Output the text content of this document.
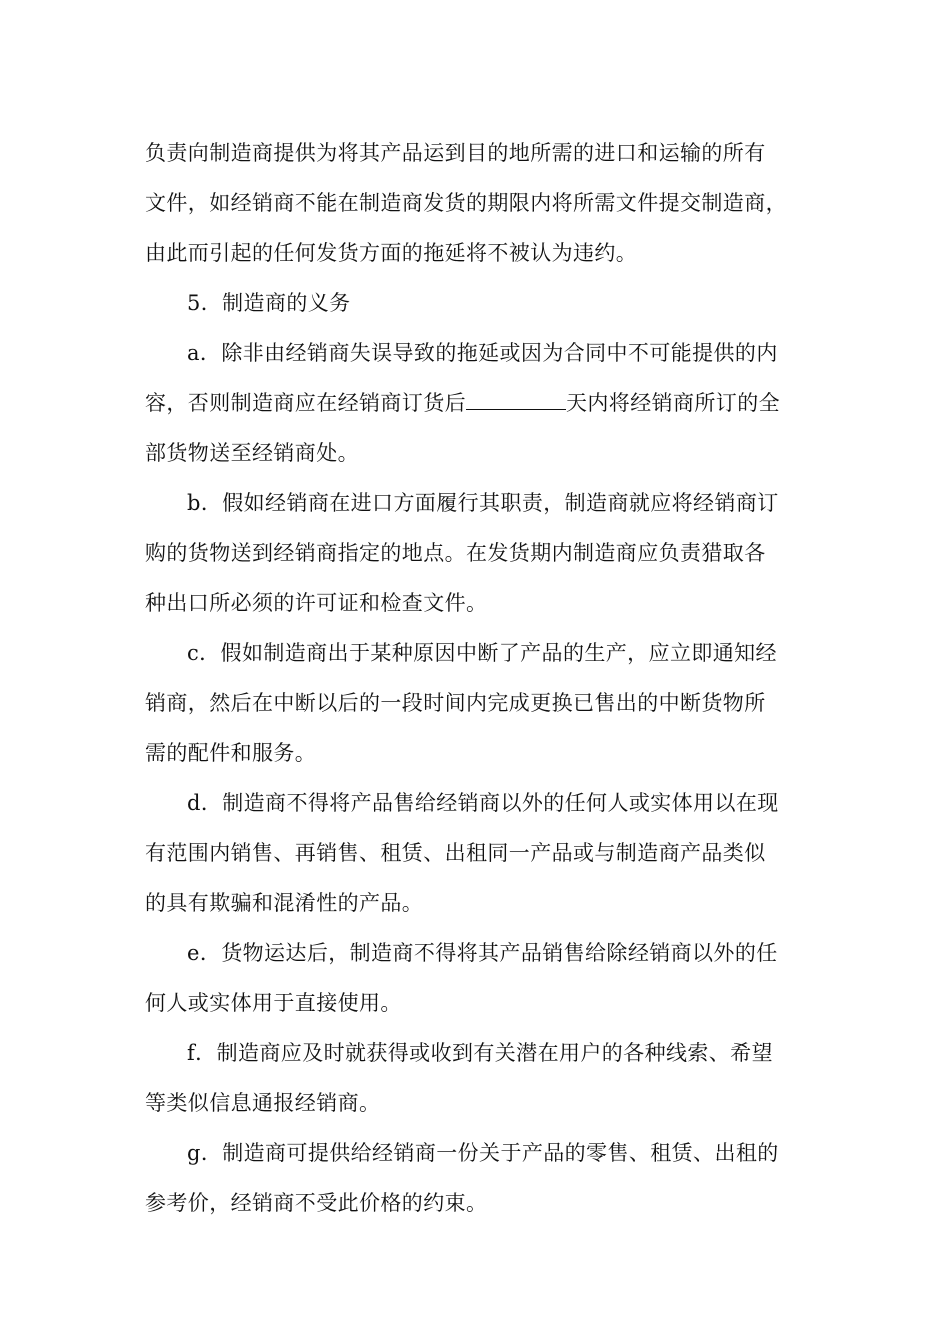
负责向制造商提供为将其产品运到目的地所需的进口和运输的所有
文件，如经销商不能在制造商发货的期限内将所需文件提交制造商，
由此而引起的任何发货方面的拖延将不被认为违约。
5．制造商的义务
a．除非由经销商失误导致的拖延或因为合同中不可能提供的内
容，否则制造商应在经销商订货后	天内将经销商所订的全
部货物送至经销商处。
b．假如经销商在进口方面履行其职责，制造商就应将经销商订
购的货物送到经销商指定的地点。在发货期内制造商应负责猎取各
种出口所必须的许可证和检查文件。
c．假如制造商出于某种原因中断了产品的生产，应立即通知经
销商，然后在中断以后的一段时间内完成更换已售出的中断货物所
需的配件和服务。
d．制造商不得将产品售给经销商以外的任何人或实体用以在现
有范围内销售、再销售、租赁、出租同一产品或与制造商产品类似
的具有欺骗和混淆性的产品。
e．货物运达后，制造商不得将其产品销售给除经销商以外的任
何人或实体用于直接使用。
f．制造商应及时就获得或收到有关潜在用户的各种线索、希望
等类似信息通报经销商。
g．制造商可提供给经销商一份关于产品的零售、租赁、出租的
参考价，经销商不受此价格的约束。
